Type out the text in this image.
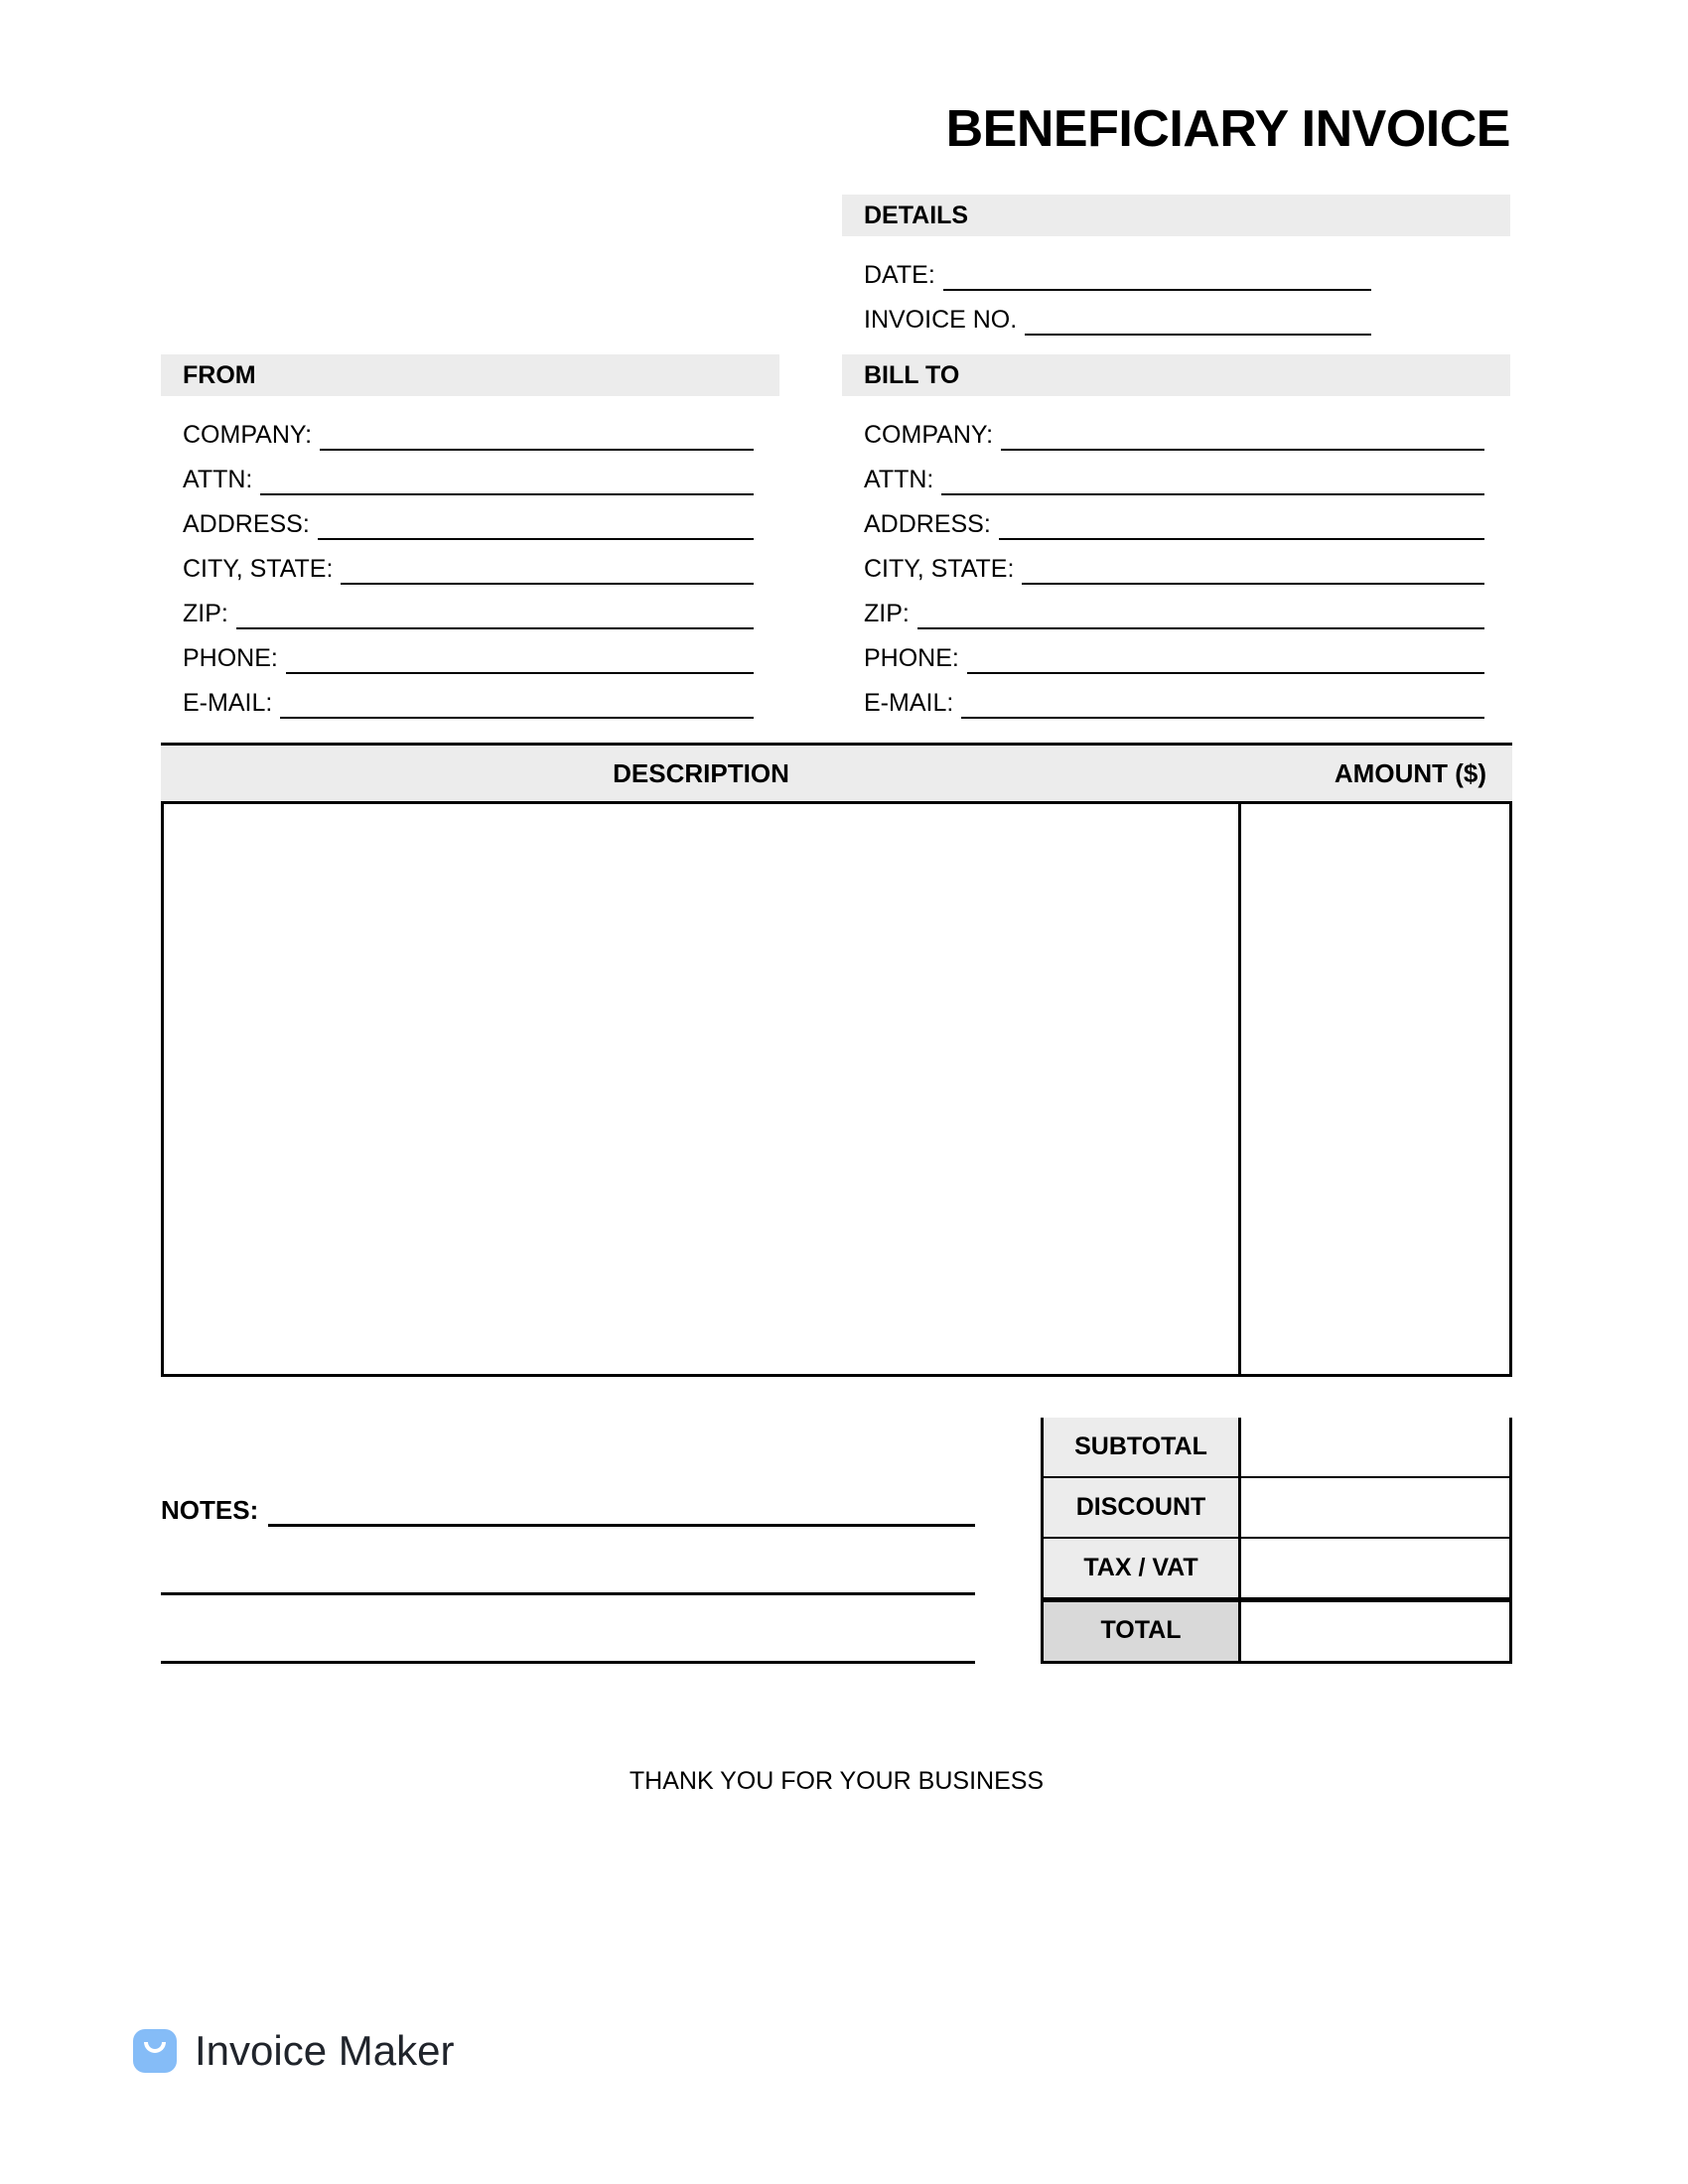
BENEFICIARY INVOICE
DETAILS
DATE:
INVOICE NO.
FROM
COMPANY:
ATTN:
ADDRESS:
CITY, STATE:
ZIP:
PHONE:
E-MAIL:
BILL TO
COMPANY:
ATTN:
ADDRESS:
CITY, STATE:
ZIP:
PHONE:
E-MAIL:
DESCRIPTION	AMOUNT ($)
SUBTOTAL
DISCOUNT
TAX / VAT
TOTAL
NOTES:
THANK YOU FOR YOUR BUSINESS
Invoice Maker
